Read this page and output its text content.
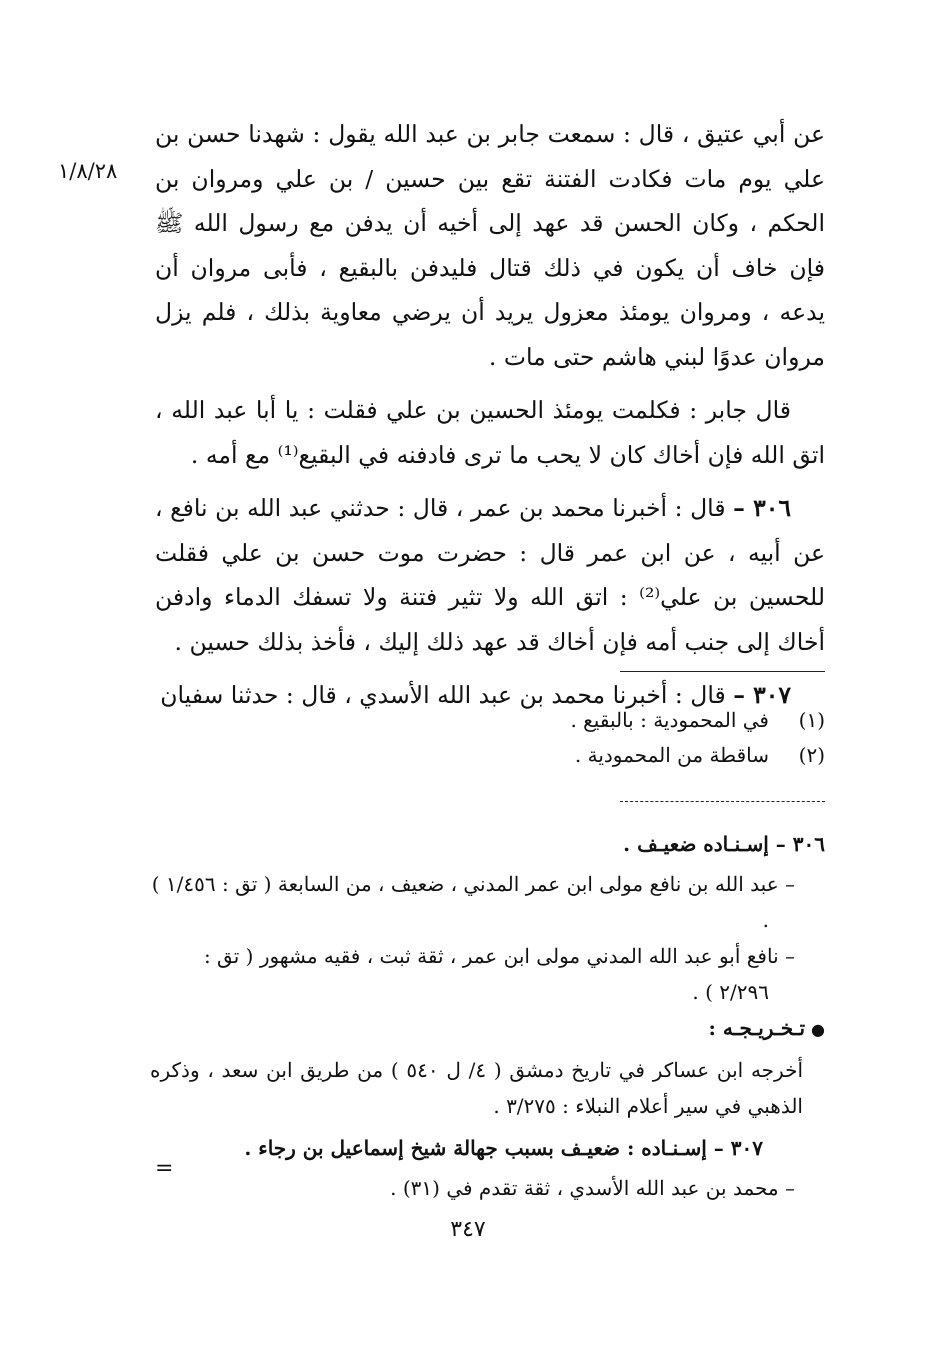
١/٨/٢٨

عن أبي عتيق ، قال : سمعت جابر بن عبد الله يقول : شهدنا حسن بن علي يوم مات فكادت الفتنة تقع بين حسين / بن علي ومروان بن الحكم ، وكان الحسن قد عهد إلى أخيه أن يدفن مع رسول الله ﷺ فإن خاف أن يكون في ذلك قتال فليدفن بالبقيع ، فأبى مروان أن يدعه ، ومروان يومئذ معزول يريد أن يرضي معاوية بذلك ، فلم يزل مروان عدوًا لبني هاشم حتى مات .

قال جابر : فكلمت يومئذ الحسين بن علي فقلت : يا أبا عبد الله ، اتق الله فإن أخاك كان لا يحب ما ترى فادفنه في البقيع⁽¹⁾ مع أمه .

٣٠٦ – قال : أخبرنا محمد بن عمر ، قال : حدثني عبد الله بن نافع ، عن أبيه ، عن ابن عمر قال : حضرت موت حسن بن علي فقلت للحسين بن علي⁽²⁾ : اتق الله ولا تثير فتنة ولا تسفك الدماء وادفن أخاك إلى جنب أمه فإن أخاك قد عهد ذلك إليك ، فأخذ بذلك حسين .

٣٠٧ – قال : أخبرنا محمد بن عبد الله الأسدي ، قال : حدثنا سفيان

(١)
في المحمودية : بالبقيع .
(٢)
ساقطة من المحمودية .
٣٠٦ – إسـنـاده ضعيـف .
– عبد الله بن نافع مولى ابن عمر المدني ، ضعيف ، من السابعة ( تق : ١/٤٥٦ ) .
– نافع أبو عبد الله المدني مولى ابن عمر ، ثقة ثبت ، فقيه مشهور ( تق : ٢/٢٩٦ ) .
●تـخـريـجـه :
أخرجه ابن عساكر في تاريخ دمشق ( ٤/ ل ٥٤٠ ) من طريق ابن سعد ، وذكره الذهبي في سير أعلام النبلاء : ٣/٢٧٥ .
٣٠٧ – إسـنـاده : ضعيـف بسبب جهالة شيخ إسماعيل بن رجاء .
– محمد بن عبد الله الأسدي ، ثقة تقدم في (٣١) .
=
٣٤٧
